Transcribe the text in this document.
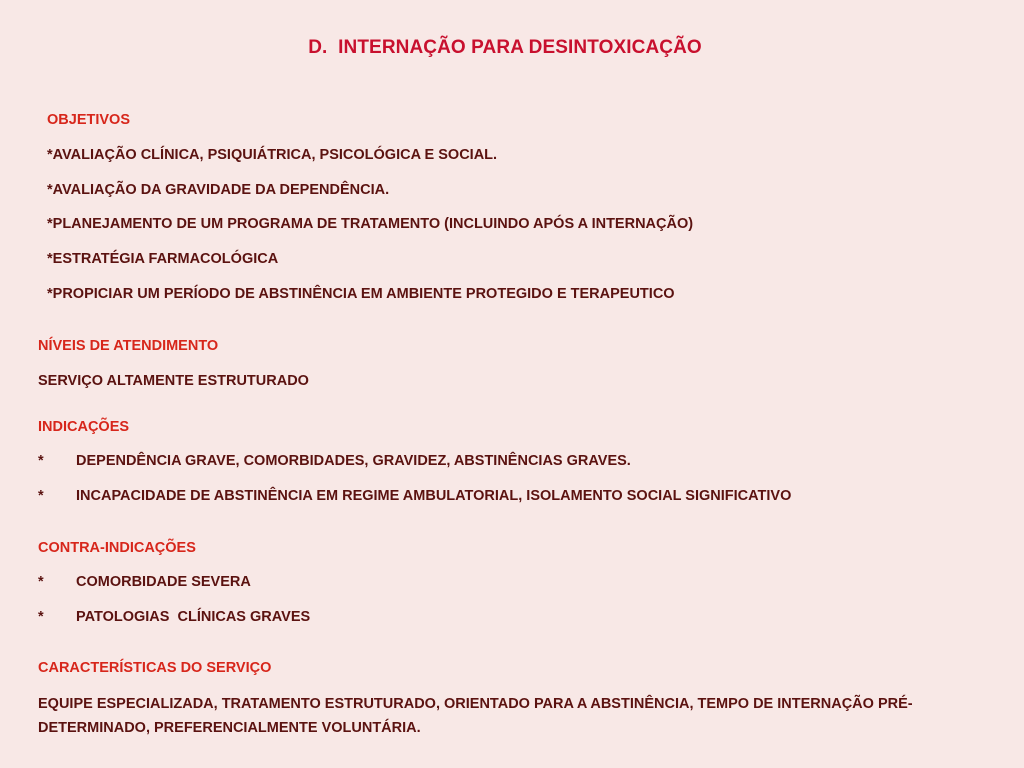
D.  INTERNAÇÃO PARA DESINTOXICAÇÃO
OBJETIVOS
*AVALIAÇÃO CLÍNICA, PSIQUIÁTRICA, PSICOLÓGICA E SOCIAL.
*AVALIAÇÃO DA GRAVIDADE DA DEPENDÊNCIA.
*PLANEJAMENTO DE UM PROGRAMA DE TRATAMENTO (INCLUINDO APÓS A INTERNAÇÃO)
*ESTRATÉGIA FARMACOLÓGICA
*PROPICIAR UM PERÍODO DE ABSTINÊNCIA EM AMBIENTE PROTEGIDO E TERAPEUTICO
NÍVEIS DE ATENDIMENTO
SERVIÇO ALTAMENTE ESTRUTURADO
INDICAÇÕES
* DEPENDÊNCIA GRAVE, COMORBIDADES, GRAVIDEZ, ABSTINÊNCIAS GRAVES.
* INCAPACIDADE DE ABSTINÊNCIA EM REGIME AMBULATORIAL, ISOLAMENTO SOCIAL SIGNIFICATIVO
CONTRA-INDICAÇÕES
* COMORBIDADE SEVERA
* PATOLOGIAS  CLÍNICAS GRAVES
CARACTERÍSTICAS DO SERVIÇO
EQUIPE ESPECIALIZADA, TRATAMENTO ESTRUTURADO, ORIENTADO PARA A ABSTINÊNCIA, TEMPO DE INTERNAÇÃO PRÉ-DETERMINADO, PREFERENCIALMENTE VOLUNTÁRIA.
